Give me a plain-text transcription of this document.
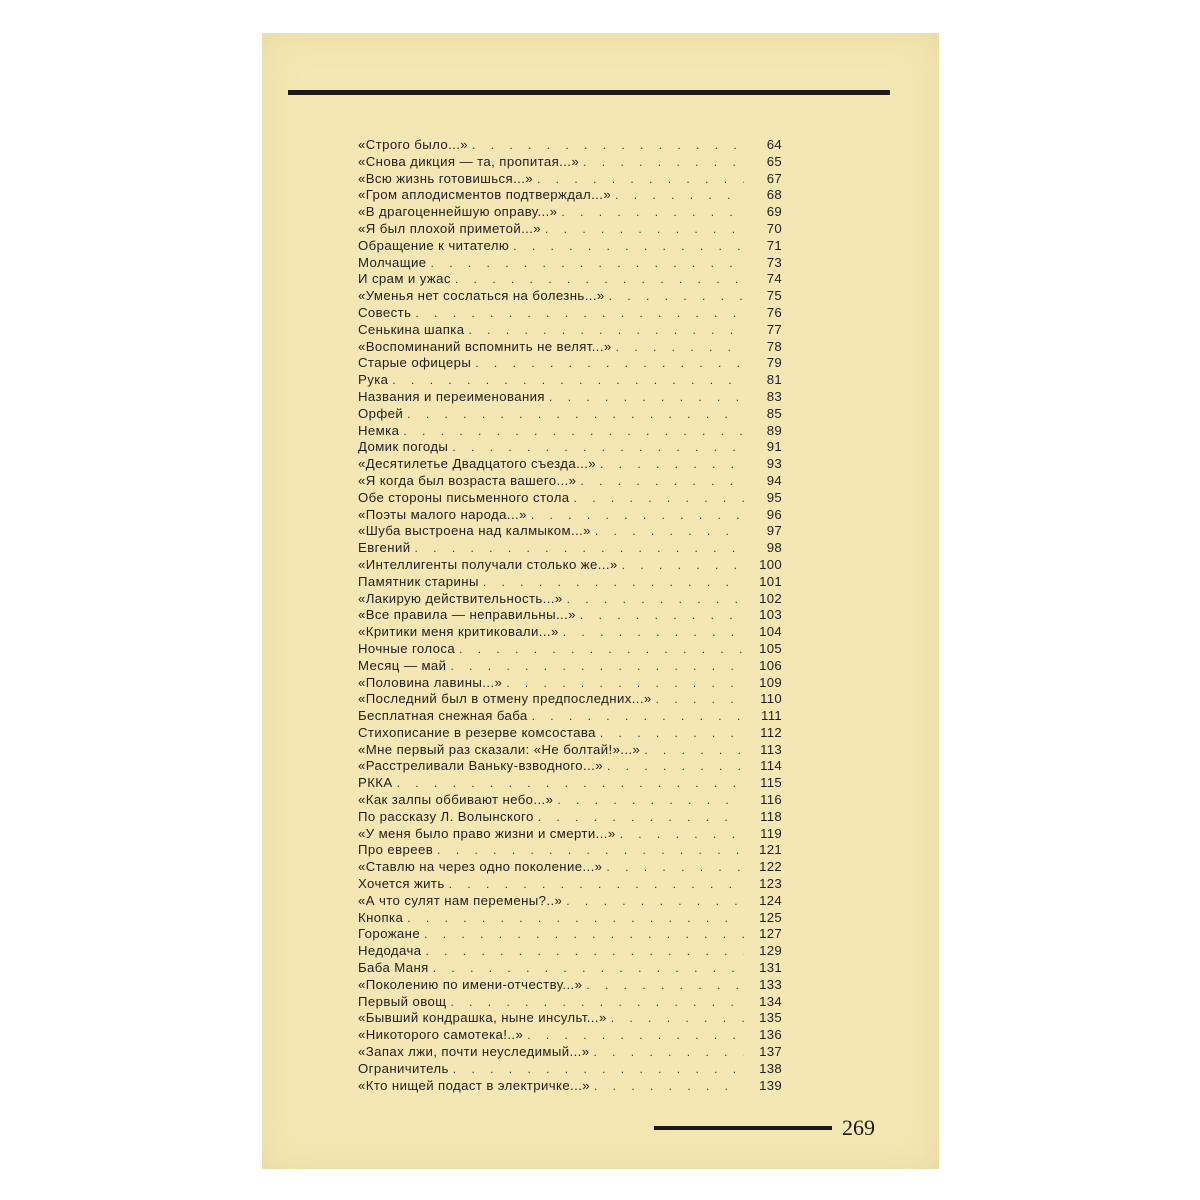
«Строго было...» . . .	64
«Снова дикция — та, пропитая...» . . .	65
«Всю жизнь готовишься...» . . .	67
«Гром аплодисментов подтверждал...» . . .	68
«В драгоценнейшую оправу...» . . .	69
«Я был плохой приметой...» . . .	70
Обращение к читателю . . .	71
Молчащие . . .	73
И срам и ужас . . .	74
«Уменья нет сослаться на болезнь...» . . .	75
Совесть . . .	76
Сенькина шапка . . .	77
«Воспоминаний вспомнить не велят...» . . .	78
Старые офицеры . . .	79
Рука . . .	81
Названия и переименования . . .	83
Орфей . . .	85
Немка . . .	89
Домик погоды . . .	91
«Десятилетье Двадцатого съезда...» . . .	93
«Я когда был возраста вашего...» . . .	94
Обе стороны письменного стола . . .	95
«Поэты малого народа...» . . .	96
«Шуба выстроена над калмыком...» . . .	97
Евгений . . .	98
«Интеллигенты получали столько же...» . . .	100
Памятник старины . . .	101
«Лакирую действительность...» . . .	102
«Все правила — неправильны...» . . .	103
«Критики меня критиковали...» . . .	104
Ночные голоса . . .	105
Месяц — май . . .	106
«Половина лавины...» . . .	109
«Последний был в отмену предпоследних...» . . .	110
Бесплатная снежная баба . . .	111
Стихописание в резерве комсостава . . .	112
«Мне первый раз сказали: «Не болтай!»...» . . .	113
«Расстреливали Ваньку-взводного...» . . .	114
РККА . . .	115
«Как залпы оббивают небо...» . . .	116
По рассказу Л. Волынского . . .	118
«У меня было право жизни и смерти...» . . .	119
Про евреев . . .	121
«Ставлю на через одно поколение...» . . .	122
Хочется жить . . .	123
«А что сулят нам перемены?..» . . .	124
Кнопка . . .	125
Горожане . . .	127
Недодача . . .	129
Баба Маня . . .	131
«Поколению по имени-отчеству...» . . .	133
Первый овощ . . .	134
«Бывший кондрашка, ныне инсульт...» . . .	135
«Никоторого самотека!..» . . .	136
«Запах лжи, почти неуследимый...» . . .	137
Ограничитель . . .	138
«Кто нищей подаст в электричке...» . . .	139
269
